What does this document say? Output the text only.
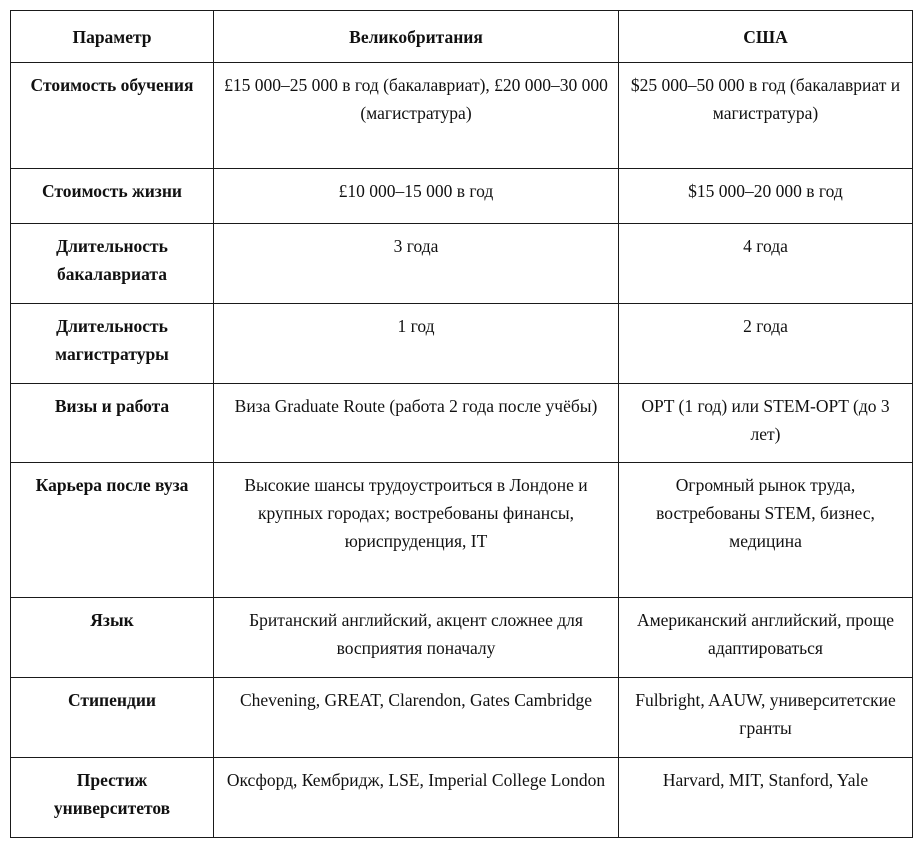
Параметр	Великобритания	США
Стоимость обучения	£15 000–25 000 в год (бакалавриат), £20 000–30 000 (магистратура)	$25 000–50 000 в год (бакалавриат и магистратура)
Стоимость жизни	£10 000–15 000 в год	$15 000–20 000 в год
Длительность бакалавриата	3 года	4 года
Длительность магистратуры	1 год	2 года
Визы и работа	Виза Graduate Route (работа 2 года после учёбы)	OPT (1 год) или STEM-OPT (до 3 лет)
Карьера после вуза	Высокие шансы трудоустроиться в Лондоне и крупных городах; востребованы финансы, юриспруденция, IT	Огромный рынок труда, востребованы STEM, бизнес, медицина
Язык	Британский английский, акцент сложнее для восприятия поначалу	Американский английский, проще адаптироваться
Стипендии	Chevening, GREAT, Clarendon, Gates Cambridge	Fulbright, AAUW, университетские гранты
Престиж университетов	Оксфорд, Кембридж, LSE, Imperial College London	Harvard, MIT, Stanford, Yale
